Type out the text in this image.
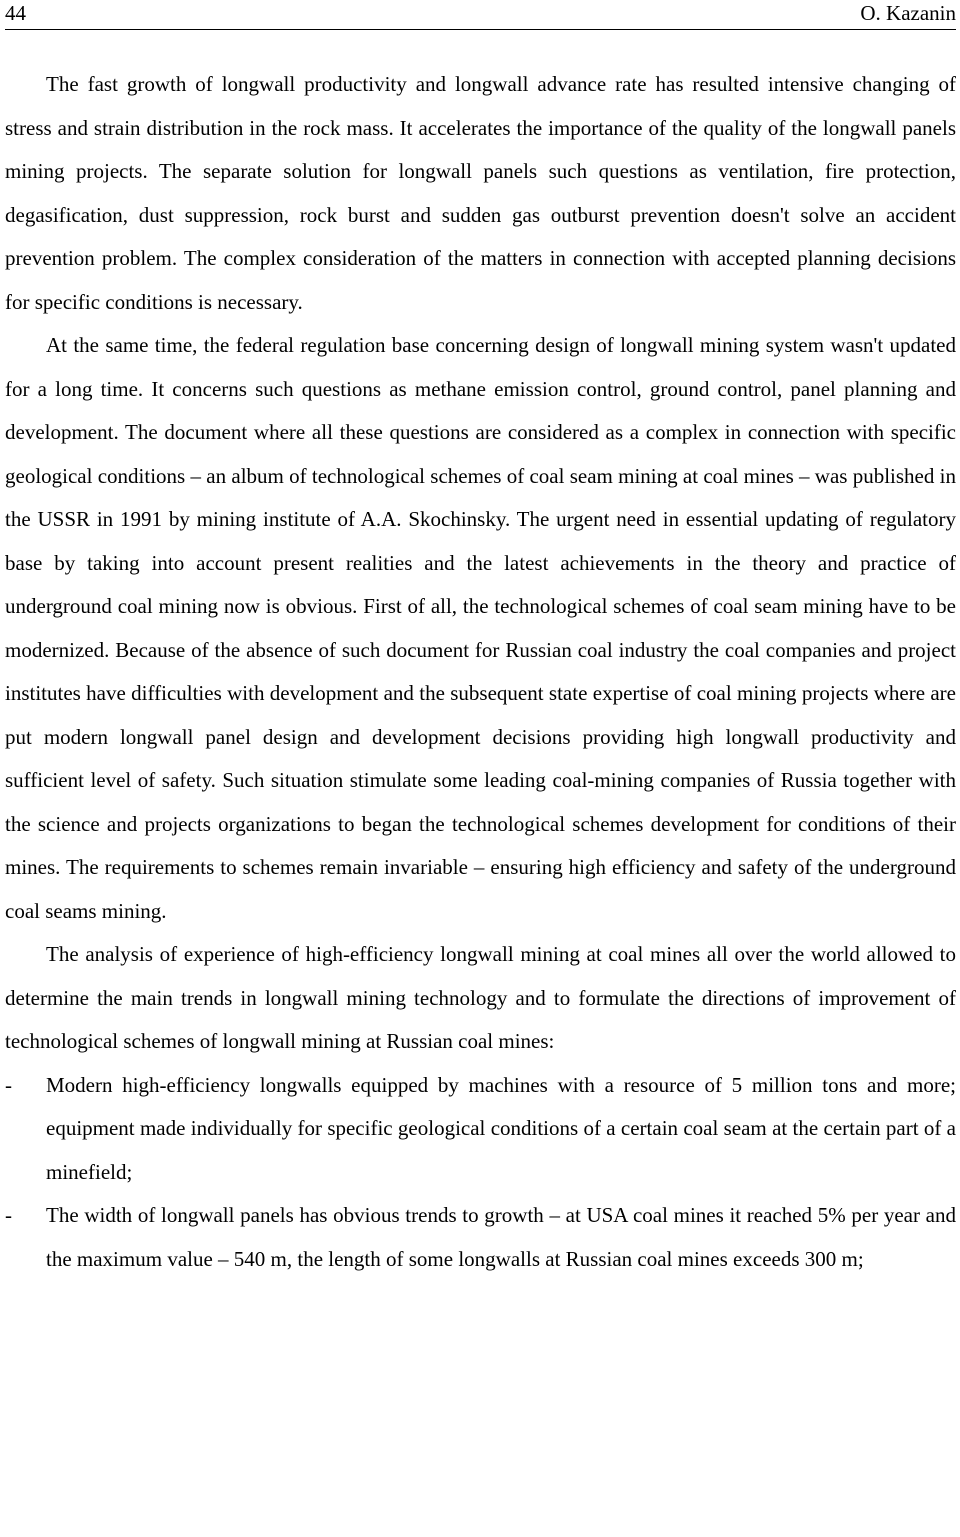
44	O. Kazanin

The fast growth of longwall productivity and longwall advance rate has resulted intensive changing of stress and strain distribution in the rock mass. It accelerates the importance of the quality of the longwall panels mining projects. The separate solution for longwall panels such questions as ventilation, fire protection, degasification, dust suppression, rock burst and sudden gas outburst prevention doesn't solve an accident prevention problem. The complex consideration of the matters in connection with accepted planning decisions for specific conditions is necessary.

At the same time, the federal regulation base concerning design of longwall mining system wasn't updated for a long time. It concerns such questions as methane emission control, ground control, panel planning and development. The document where all these questions are considered as a complex in connection with specific geological conditions – an album of technological schemes of coal seam mining at coal mines – was published in the USSR in 1991 by mining institute of A.A. Skochinsky. The urgent need in essential updating of regulatory base by taking into account present realities and the latest achievements in the theory and practice of underground coal mining now is obvious. First of all, the technological schemes of coal seam mining have to be modernized. Because of the absence of such document for Russian coal industry the coal companies and project institutes have difficulties with development and the subsequent state expertise of coal mining projects where are put modern longwall panel design and development decisions providing high longwall productivity and sufficient level of safety. Such situation stimulate some leading coal-mining companies of Russia together with the science and projects organizations to began the technological schemes development for conditions of their mines. The requirements to schemes remain invariable – ensuring high efficiency and safety of the underground coal seams mining.

The analysis of experience of high-efficiency longwall mining at coal mines all over the world allowed to determine the main trends in longwall mining technology and to formulate the directions of improvement of technological schemes of longwall mining at Russian coal mines:

- Modern high-efficiency longwalls equipped by machines with a resource of 5 million tons and more; equipment made individually for specific geological conditions of a certain coal seam at the certain part of a minefield;
- The width of longwall panels has obvious trends to growth – at USA coal mines it reached 5% per year and the maximum value – 540 m, the length of some longwalls at Russian coal mines exceeds 300 m;
